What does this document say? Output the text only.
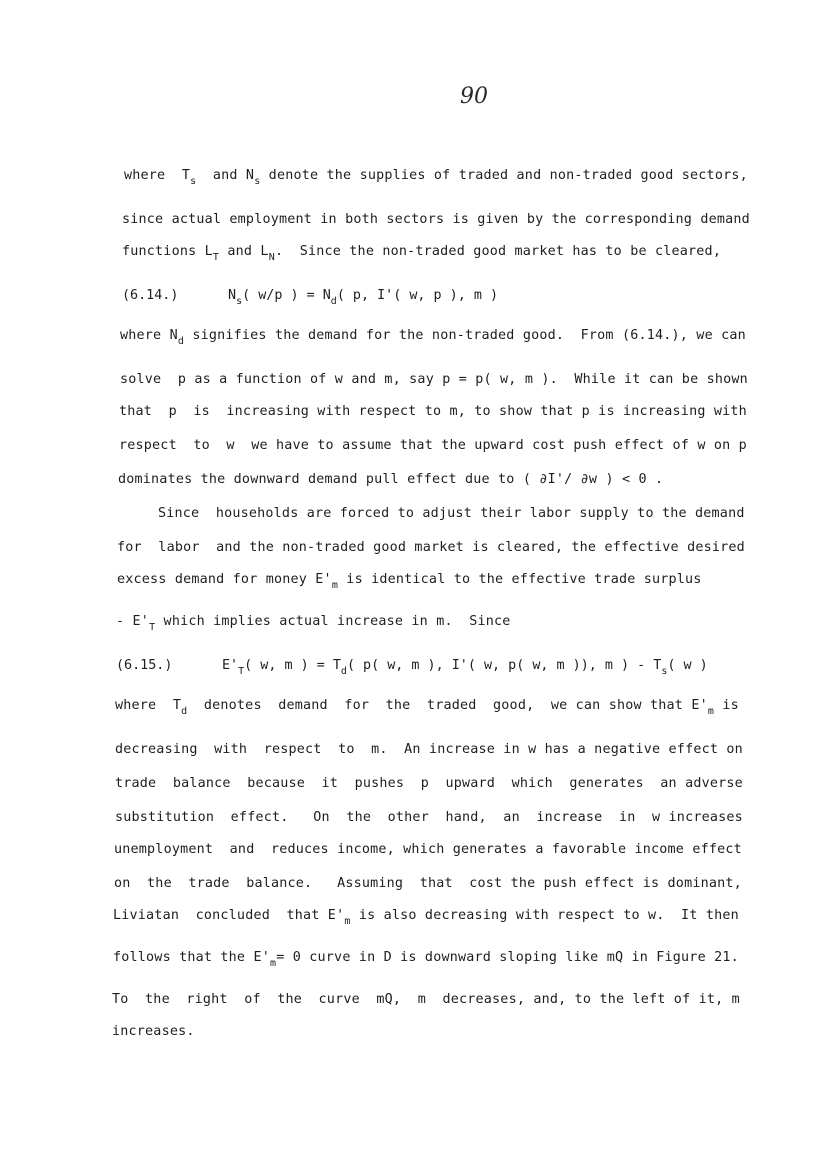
90
where  $T_s$  and $N_s$ denote the supplies of traded and non-traded good sectors,
since actual employment in both sectors is given by the corresponding demand
functions $L_T$ and $L_N$.  Since the non-traded good market has to be cleared,
where $N_d$ signifies the demand for the non-traded good.  From (6.14.), we can
solve  p as a function of w and m, say p = p( w, m ).  While it can be shown
that  p  is  increasing with respect to m, to show that p is increasing with
respect  to  w  we have to assume that the upward cost push effect of w on p
dominates the downward demand pull effect due to ( ∂I'/ ∂w ) < 0 .
Since  households are forced to adjust their labor supply to the demand
for  labor  and the non-traded good market is cleared, the effective desired
excess demand for money $E'_m$ is identical to the effective trade surplus
- $E'_T$ which implies actual increase in m.  Since
where  $T_d$  denotes  demand  for  the  traded  good,  we can show that $E'_m$ is
decreasing  with  respect  to  m.  An increase in w has a negative effect on
trade  balance  because  it  pushes  p  upward  which  generates  an adverse
substitution  effect.   On  the  other  hand,  an  increase  in  w increases
unemployment  and  reduces income, which generates a favorable income effect
on  the  trade  balance.   Assuming  that  cost the push effect is dominant,
Liviatan  concluded  that $E'_m$ is also decreasing with respect to w.  It then
follows that the $E'_m= 0$ curve in D is downward sloping like mQ in Figure 21.
To  the  right  of  the  curve  mQ,  m  decreases, and, to the left of it, m
increases.
(6.14.)	$N_s$( w/p ) = $N_d$( p, I'( w, p ), m )
(6.15.)	$E'_T$( w, m ) = $T_d$( p( w, m ), I'( w, p( w, m )), m ) - $T_s$( w )
